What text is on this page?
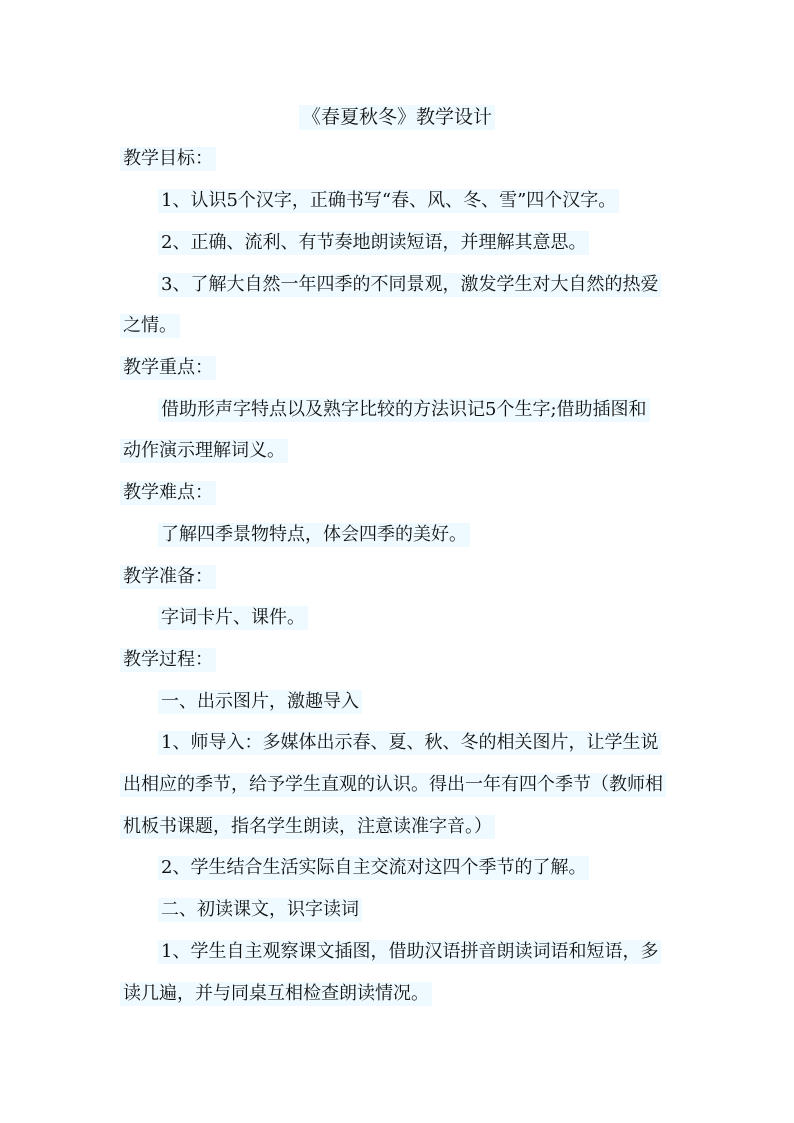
《春夏秋冬》教学设计
教学目标：
1、认识5个汉字，正确书写“春、风、冬、雪”四个汉字。
2、正确、流利、有节奏地朗读短语，并理解其意思。
3、了解大自然一年四季的不同景观，激发学生对大自然的热爱
之情。
教学重点：
借助形声字特点以及熟字比较的方法识记5个生字;借助插图和
动作演示理解词义。
教学难点：
了解四季景物特点，体会四季的美好。
教学准备：
字词卡片、课件。
教学过程：
一、出示图片，激趣导入
1、师导入：多媒体出示春、夏、秋、冬的相关图片，让学生说
出相应的季节，给予学生直观的认识。得出一年有四个季节（教师相
机板书课题，指名学生朗读，注意读准字音。）
2、学生结合生活实际自主交流对这四个季节的了解。
二、初读课文，识字读词
1、学生自主观察课文插图，借助汉语拼音朗读词语和短语，多
读几遍，并与同桌互相检查朗读情况。
